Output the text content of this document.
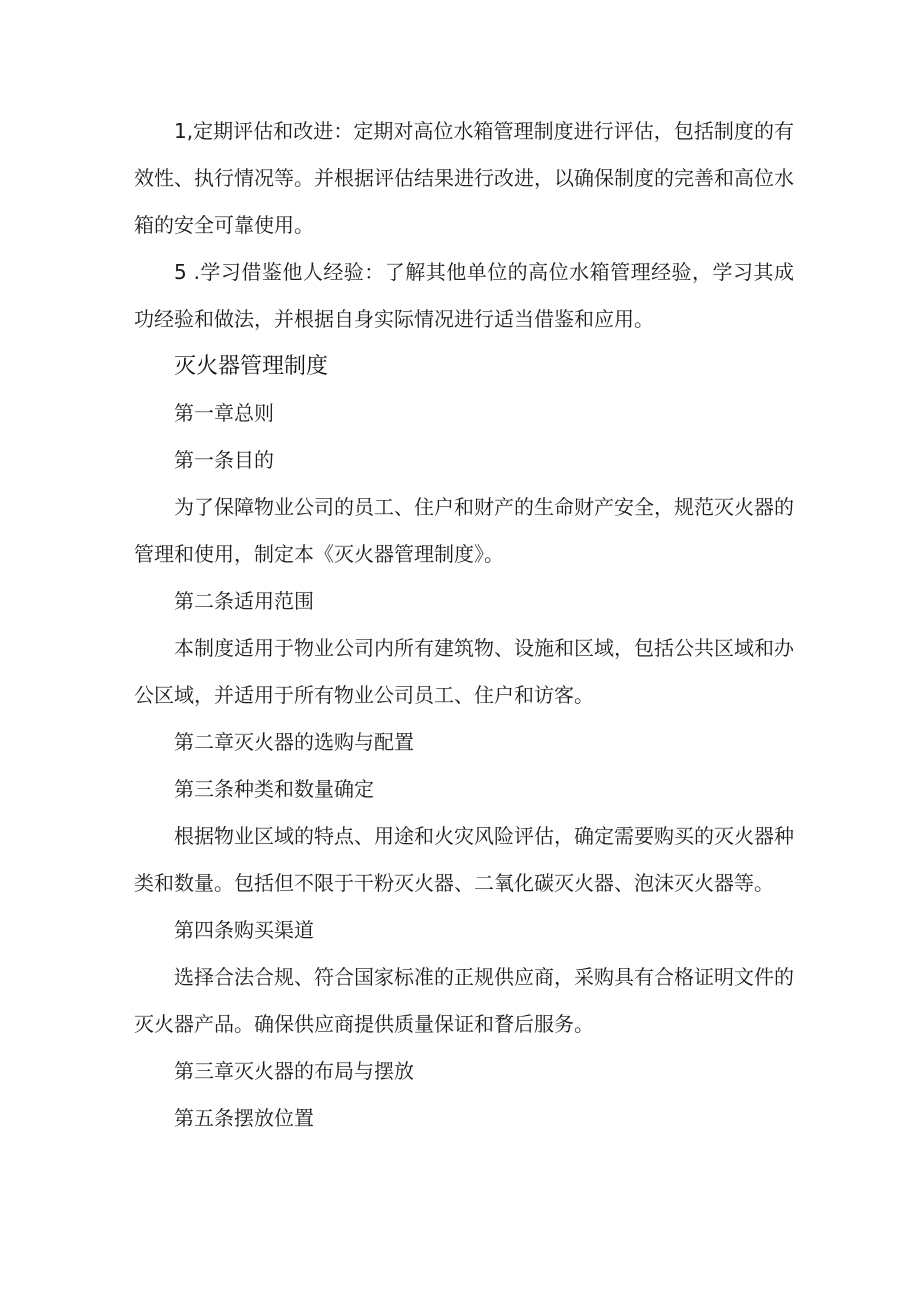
1,定期评估和改进：定期对高位水箱管理制度进行评估，包括制度的有效性、执行情况等。并根据评估结果进行改进，以确保制度的完善和高位水箱的安全可靠使用。

5 .学习借鉴他人经验：了解其他单位的高位水箱管理经验，学习其成功经验和做法，并根据自身实际情况进行适当借鉴和应用。

灭火器管理制度

第一章总则

第一条目的

为了保障物业公司的员工、住户和财产的生命财产安全，规范灭火器的管理和使用，制定本《灭火器管理制度》。

第二条适用范围

本制度适用于物业公司内所有建筑物、设施和区域，包括公共区域和办公区域，并适用于所有物业公司员工、住户和访客。

第二章灭火器的选购与配置

第三条种类和数量确定

根据物业区域的特点、用途和火灾风险评估，确定需要购买的灭火器种类和数量。包括但不限于干粉灭火器、二氧化碳灭火器、泡沫灭火器等。

第四条购买渠道

选择合法合规、符合国家标准的正规供应商，采购具有合格证明文件的灭火器产品。确保供应商提供质量保证和瞀后服务。

第三章灭火器的布局与摆放

第五条摆放位置
